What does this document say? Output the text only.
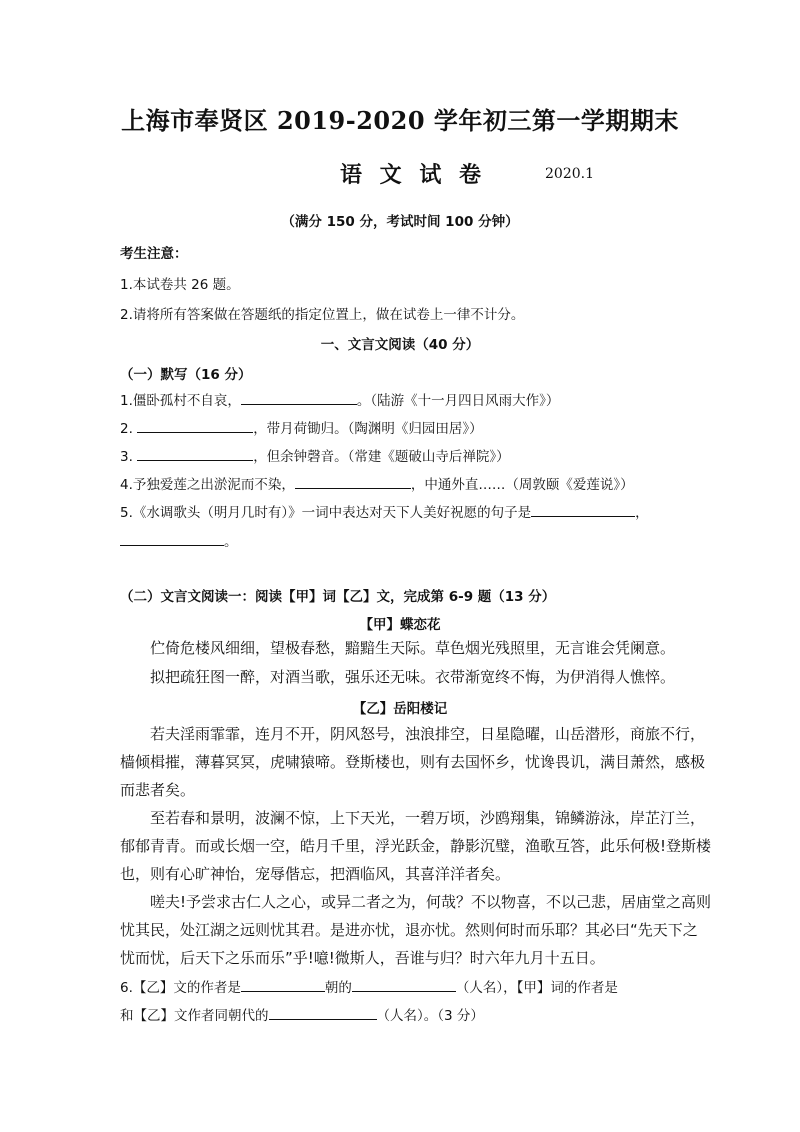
上海市奉贤区 2019-2020 学年初三第一学期期末
语 文 试 卷	2020.1
（满分 150 分，考试时间 100 分钟）
考生注意：
1.本试卷共 26 题。
2.请将所有答案做在答题纸的指定位置上，做在试卷上一律不计分。
一、文言文阅读（40 分）
（一）默写（16 分）
1.僵卧孤村不自哀，	。（陆游《十一月四日风雨大作》）
2.	，带月荷锄归。（陶渊明《归园田居》）
3.	，但余钟磬音。（常建《题破山寺后禅院》）
4.予独爱莲之出淤泥而不染，	，中通外直……（周敦颐《爱莲说》）
5.《水调歌头（明月几时有）》一词中表达对天下人美好祝愿的句子是	，
。
（二）文言文阅读一：阅读【甲】词【乙】文，完成第 6-9 题（13 分）
【甲】蝶恋花
伫倚危楼风细细，望极春愁，黯黯生天际。草色烟光残照里，无言谁会凭阑意。
拟把疏狂图一醉，对酒当歌，强乐还无味。衣带渐宽终不悔，为伊消得人憔悴。
【乙】岳阳楼记
若夫淫雨霏霏，连月不开，阴风怒号，浊浪排空，日星隐曜，山岳潜形，商旅不行，
樯倾楫摧，薄暮冥冥，虎啸猿啼。登斯楼也，则有去国怀乡，忧谗畏讥，满目萧然，感极
而悲者矣。
至若春和景明，波澜不惊，上下天光，一碧万顷，沙鸥翔集，锦鳞游泳，岸芷汀兰，
郁郁青青。而或长烟一空，皓月千里，浮光跃金，静影沉璧，渔歌互答，此乐何极!登斯楼
也，则有心旷神怡，宠辱偕忘，把酒临风，其喜洋洋者矣。
嗟夫!予尝求古仁人之心，或异二者之为，何哉？不以物喜，不以己悲，居庙堂之高则
忧其民，处江湖之远则忧其君。是进亦忧，退亦忧。然则何时而乐耶？其必曰“先天下之
忧而忧，后天下之乐而乐”乎!噫!微斯人，吾谁与归？时六年九月十五日。
6.【乙】文的作者是	朝的	（人名），【甲】词的作者是
和【乙】文作者同朝代的	（人名）。（3 分）
